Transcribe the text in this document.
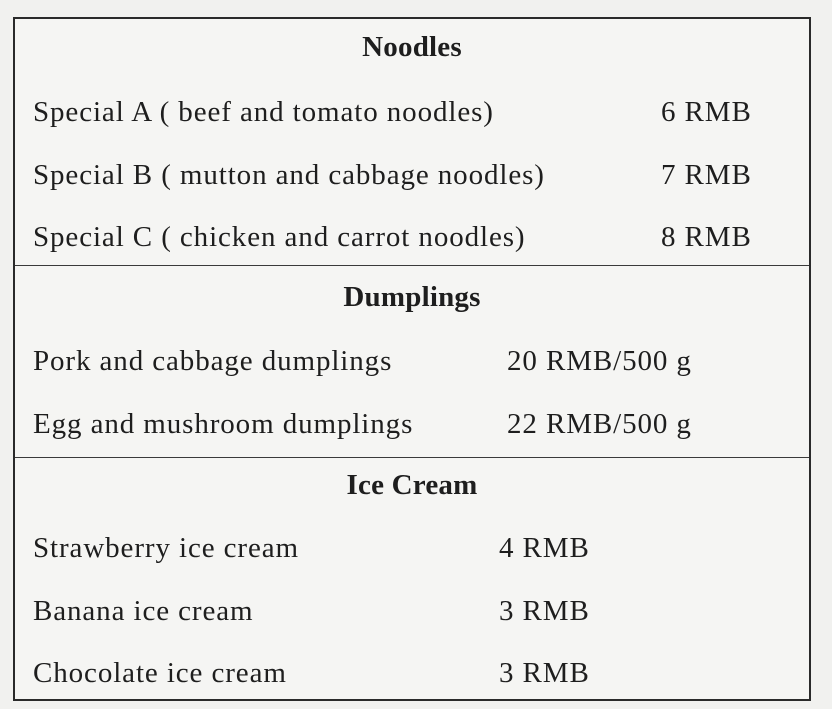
Noodles
Special A ( beef and tomato noodles)	6 RMB
Special B ( mutton and cabbage noodles)	7 RMB
Special C ( chicken and carrot noodles)	8 RMB
Dumplings
Pork and cabbage dumplings	20 RMB/500 g
Egg and mushroom dumplings	22 RMB/500 g
Ice Cream
Strawberry ice cream	4 RMB
Banana ice cream	3 RMB
Chocolate ice cream	3 RMB
